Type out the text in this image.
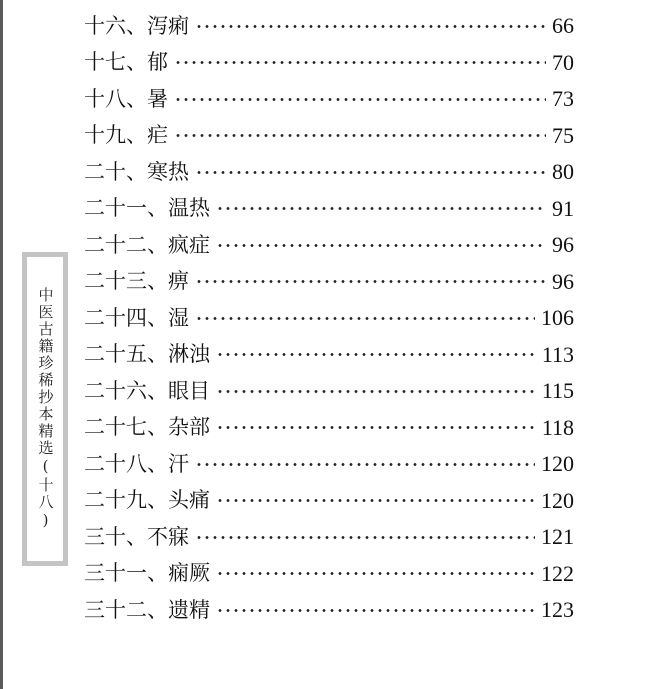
中医古籍珍稀抄本精选(十八)
十六、泻痢	66
十七、郁	70
十八、暑	73
十九、疟	75
二十、寒热	80
二十一、温热	91
二十二、疯症	96
二十三、痹	96
二十四、湿	106
二十五、淋浊	113
二十六、眼目	115
二十七、杂部	118
二十八、汗	120
二十九、头痛	120
三十、不寐	121
三十一、痫厥	122
三十二、遗精	123
